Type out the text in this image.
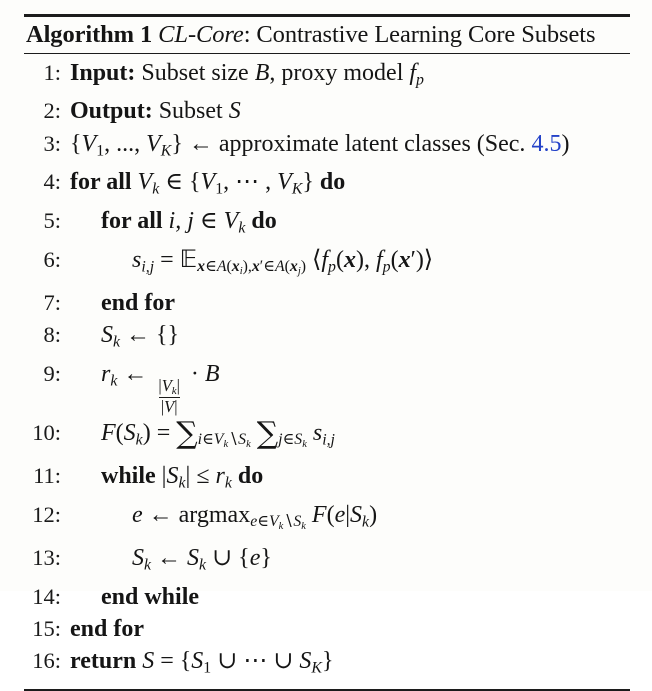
Algorithm 1 CL-Core: Contrastive Learning Core Subsets
1: Input: Subset size B, proxy model $f_p$
2: Output: Subset S
3: {$V_1$, ..., $V_K$} ← approximate latent classes (Sec. 4.5)
4: for all $V_k$ ∈ {$V_1$, ⋯ , $V_K$} do
5: for all i, j ∈ $V_k$ do
6:	$s_{i,j}$ = 𝔼$_{x\in A(x_i),x'\in A(x_j)}$ $⟨f_p(x)$, $f_p(x')⟩$
7: end for
8: $S_k$ ← {}
9: $r_k$ ←
$\frac{|V_k|}{|V|}$
· B
10: $F(S_k) = \sum_{i\in V_k∖S_k}$ $\sum_{j\in S_k}$ $s_{i,j}$
11: while $|S_k| \le r_k$ do
12:	e ← argmax$_{e\in V_k∖S_k}$ $F(e|S_k)$
13:	$S_k$ ← $S_k$ ∪ {e}
14: end while
15: end for
16: return $S = \{S_1$ ∪ ⋯ ∪ $S_K$}
